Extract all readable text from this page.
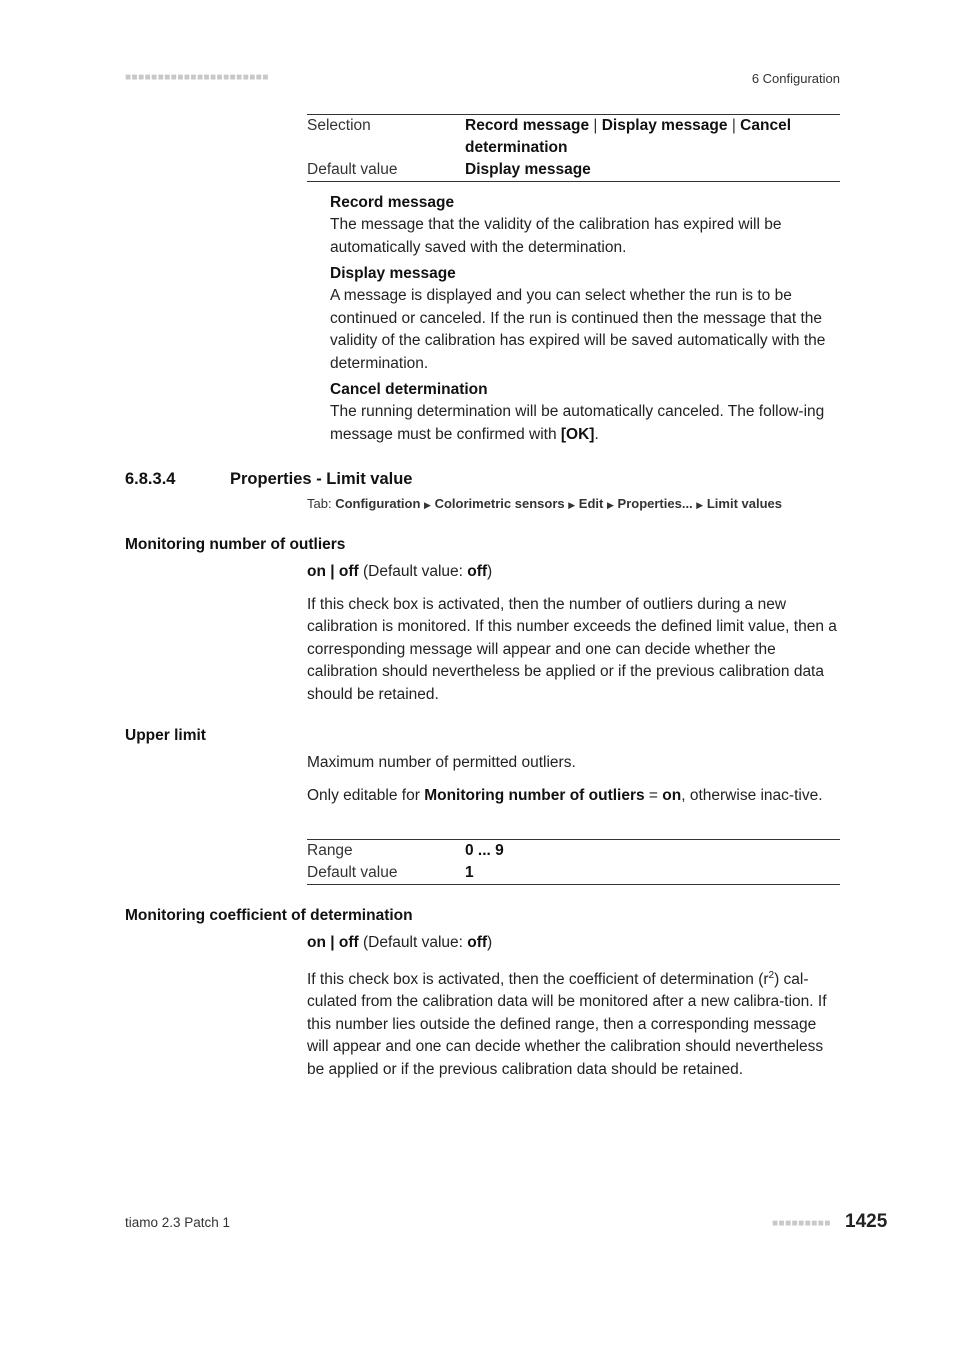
■■■■■■■■■■■■■■■■■■■■■■	6 Configuration
Selection	Record message | Display message | Cancel
determination
Default value	Display message
Record message

The message that the validity of the calibration has expired will be automatically saved with the determination.

Display message

A message is displayed and you can select whether the run is to be continued or canceled. If the run is continued then the message that the validity of the calibration has expired will be saved automatically with the determination.

Cancel determination

The running determination will be automatically canceled. The follow-ing message must be confirmed with [OK].

6.8.3.4	Properties - Limit value
Tab: Configuration ▶ Colorimetric sensors ▶ Edit ▶ Properties... ▶ Limit values
Monitoring number of outliers

on | off (Default value: off)

If this check box is activated, then the number of outliers during a new calibration is monitored. If this number exceeds the defined limit value, then a corresponding message will appear and one can decide whether the calibration should nevertheless be applied or if the previous calibration data should be retained.

Upper limit

Maximum number of permitted outliers.

Only editable for Monitoring number of outliers = on, otherwise inac-tive.

Range	0 ... 9
Default value	1
Monitoring coefficient of determination

on | off (Default value: off)

If this check box is activated, then the coefficient of determination $(r^2)$ cal-culated from the calibration data will be monitored after a new calibra-tion. If this number lies outside the defined range, then a corresponding message will appear and one can decide whether the calibration should nevertheless be applied or if the previous calibration data should be retained.

tiamo 2.3 Patch 1	■■■■■■■■■ 1425
